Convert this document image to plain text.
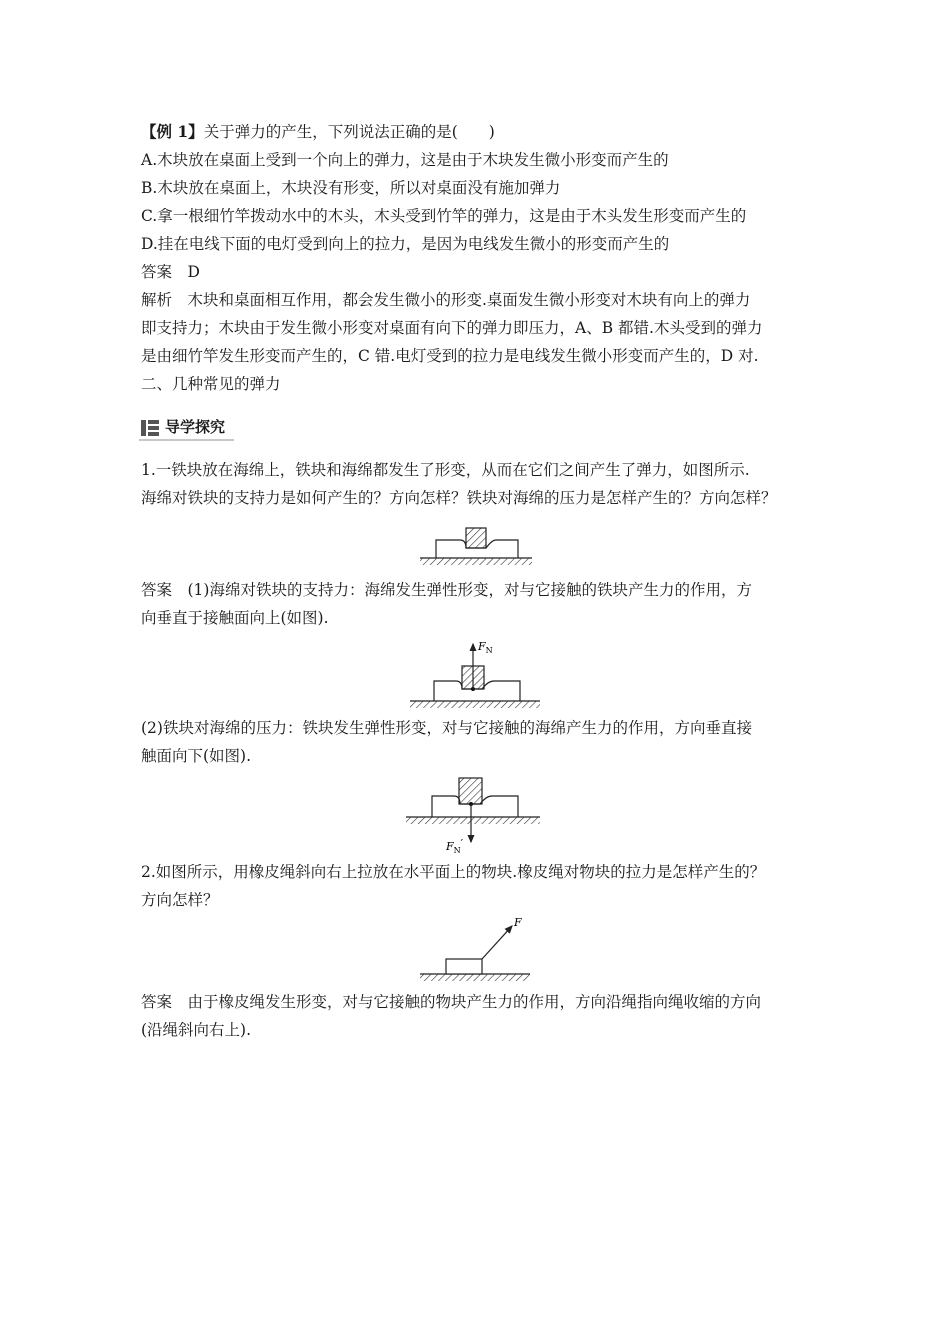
【例 1】关于弹力的产生，下列说法正确的是(　　)
A.木块放在桌面上受到一个向上的弹力，这是由于木块发生微小形变而产生的
B.木块放在桌面上，木块没有形变，所以对桌面没有施加弹力
C.拿一根细竹竿拨动水中的木头，木头受到竹竿的弹力，这是由于木头发生形变而产生的
D.挂在电线下面的电灯受到向上的拉力，是因为电线发生微小的形变而产生的
答案　D
解析　木块和桌面相互作用，都会发生微小的形变.桌面发生微小形变对木块有向上的弹力
即支持力；木块由于发生微小形变对桌面有向下的弹力即压力，A、B 都错.木头受到的弹力
是由细竹竿发生形变而产生的，C 错.电灯受到的拉力是电线发生微小形变而产生的，D 对.
二、几种常见的弹力
导学探究
1.一铁块放在海绵上，铁块和海绵都发生了形变，从而在它们之间产生了弹力，如图所示.
海绵对铁块的支持力是如何产生的？方向怎样？铁块对海绵的压力是怎样产生的？方向怎样？
答案　(1)海绵对铁块的支持力：海绵发生弹性形变，对与它接触的铁块产生力的作用，方
向垂直于接触面向上(如图).
$F_N$
(2)铁块对海绵的压力：铁块发生弹性形变，对与它接触的海绵产生力的作用，方向垂直接
触面向下(如图).
$F_N'$
2.如图所示，用橡皮绳斜向右上拉放在水平面上的物块.橡皮绳对物块的拉力是怎样产生的？
方向怎样？
F
答案　由于橡皮绳发生形变，对与它接触的物块产生力的作用，方向沿绳指向绳收缩的方向
(沿绳斜向右上).
